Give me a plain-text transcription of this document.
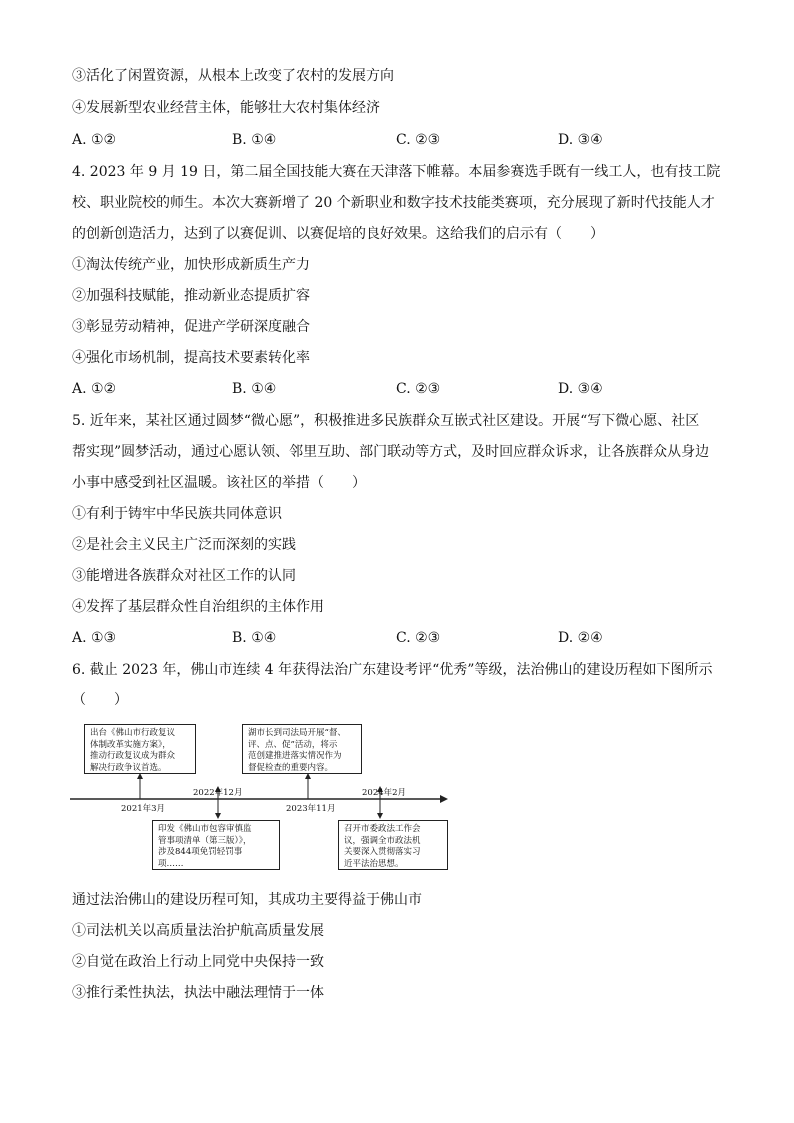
③活化了闲置资源，从根本上改变了农村的发展方向
④发展新型农业经营主体，能够壮大农村集体经济
A. ①②	B. ①④	C. ②③	D. ③④
4. 2023 年 9 月 19 日，第二届全国技能大赛在天津落下帷幕。本届参赛选手既有一线工人，也有技工院
校、职业院校的师生。本次大赛新增了 20 个新职业和数字技术技能类赛项，充分展现了新时代技能人才
的创新创造活力，达到了以赛促训、以赛促培的良好效果。这给我们的启示有（　　）
①淘汰传统产业，加快形成新质生产力
②加强科技赋能，推动新业态提质扩容
③彰显劳动精神，促进产学研深度融合
④强化市场机制，提高技术要素转化率
A. ①②	B. ①④	C. ②③	D. ③④
5. 近年来，某社区通过圆梦“微心愿”，积极推进多民族群众互嵌式社区建设。开展“写下微心愿、社区
帮实现”圆梦活动，通过心愿认领、邻里互助、部门联动等方式，及时回应群众诉求，让各族群众从身边
小事中感受到社区温暖。该社区的举措（　　）
①有利于铸牢中华民族共同体意识
②是社会主义民主广泛而深刻的实践
③能增进各族群众对社区工作的认同
④发挥了基层群众性自治组织的主体作用
A. ①③	B. ①④	C. ②③	D. ②④
6. 截止 2023 年，佛山市连续 4 年获得法治广东建设考评“优秀”等级，法治佛山的建设历程如下图所示
（　　）
出台《佛山市行政复议
体制改革实施方案》，
推动行政复议成为群众
解决行政争议首选。
印发《佛山市包容审慎监
管事项清单（第三版）》，
涉及844项免罚轻罚事
项……
湖市长到司法局开展“督、
评、点、促”活动，将示
范创建推进落实情况作为
督促检查的重要内容。
召开市委政法工作会
议，强调全市政法机
关要深入贯彻落实习
近平法治思想。
2021年3月
2022年12月
2023年11月
2024年2月
通过法治佛山的建设历程可知，其成功主要得益于佛山市
①司法机关以高质量法治护航高质量发展
②自觉在政治上行动上同党中央保持一致
③推行柔性执法，执法中融法理情于一体
